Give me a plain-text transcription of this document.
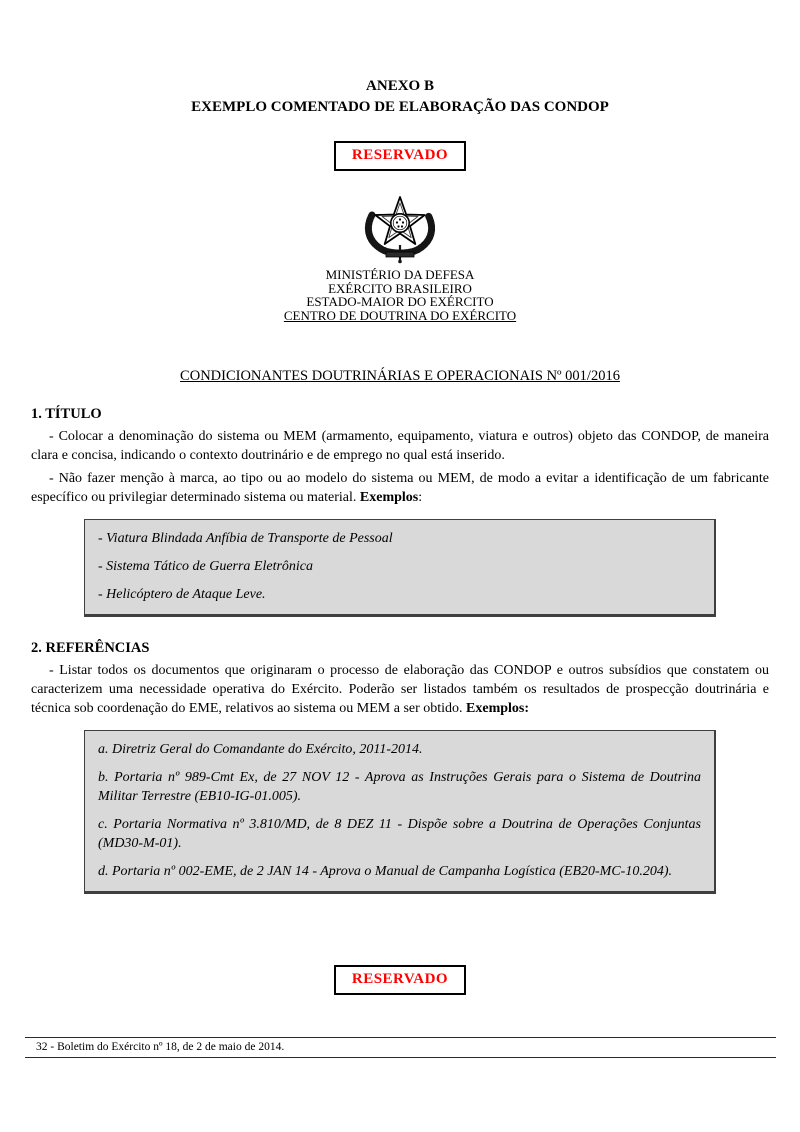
ANEXO B
EXEMPLO COMENTADO DE ELABORAÇÃO DAS CONDOP
RESERVADO
MINISTÉRIO DA DEFESA
EXÉRCITO BRASILEIRO
ESTADO-MAIOR DO EXÉRCITO
CENTRO DE DOUTRINA DO EXÉRCITO
CONDICIONANTES DOUTRINÁRIAS E OPERACIONAIS Nº 001/2016
1. TÍTULO

- Colocar a denominação do sistema ou MEM (armamento, equipamento, viatura e outros) objeto das CONDOP, de maneira clara e concisa, indicando o contexto doutrinário e de emprego no qual está inserido.

- Não fazer menção à marca, ao tipo ou ao modelo do sistema ou MEM, de modo a evitar a identificação de um fabricante específico ou privilegiar determinado sistema ou material. Exemplos:

- Viatura Blindada Anfíbia de Transporte de Pessoal
- Sistema Tático de Guerra Eletrônica
- Helicóptero de Ataque Leve.
2. REFERÊNCIAS

- Listar todos os documentos que originaram o processo de elaboração das CONDOP e outros subsídios que constatem ou caracterizem uma necessidade operativa do Exército. Poderão ser listados também os resultados de prospecção doutrinária e técnica sob coordenação do EME, relativos ao sistema ou MEM a ser obtido. Exemplos:

a. Diretriz Geral do Comandante do Exército, 2011-2014.
b. Portaria nº 989-Cmt Ex, de 27 NOV 12 - Aprova as Instruções Gerais para o Sistema de Doutrina Militar Terrestre (EB10-IG-01.005).
c. Portaria Normativa nº 3.810/MD, de 8 DEZ 11 - Dispõe sobre a Doutrina de Operações Conjuntas (MD30-M-01).
d. Portaria nº 002-EME, de 2 JAN 14 - Aprova o Manual de Campanha Logística (EB20-MC-10.204).
RESERVADO
32 - Boletim do Exército nº 18, de 2 de maio de 2014.
